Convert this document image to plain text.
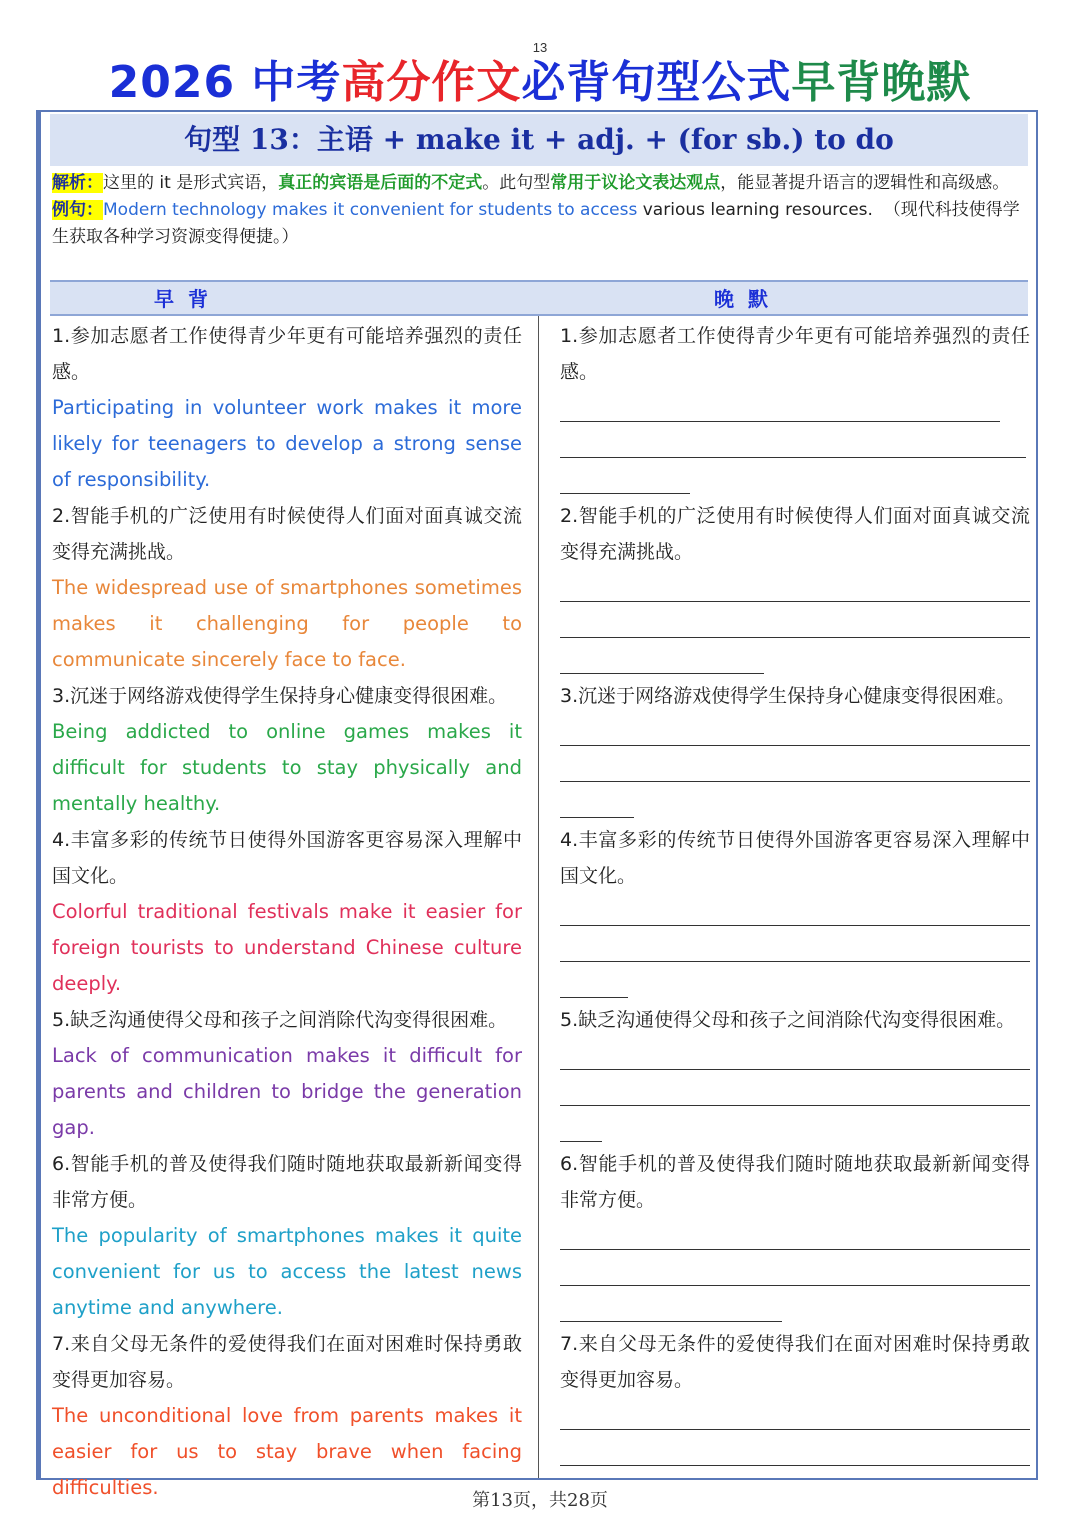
13
2026 中考高分作文必背句型公式早背晚默
句型 13：主语 + make it + adj. + (for sb.) to do
解析：这里的 it 是形式宾语，真正的宾语是后面的不定式。此句型常用于议论文表达观点，能显著提升语言的逻辑性和高级感。
例句：Modern technology makes it convenient for students to access various learning resources. （现代科技使得学生获取各种学习资源变得便捷。）
早背	晚默
1.参加志愿者工作使得青少年更有可能培养强烈的责任感。
Participating in volunteer work makes it more likely for teenagers to develop a strong sense of responsibility.
2.智能手机的广泛使用有时候使得人们面对面真诚交流变得充满挑战。
The widespread use of smartphones sometimes makes it challenging for people to communicate sincerely face to face.
3.沉迷于网络游戏使得学生保持身心健康变得很困难。
Being addicted to online games makes it difficult for students to stay physically and mentally healthy.
4.丰富多彩的传统节日使得外国游客更容易深入理解中国文化。
Colorful traditional festivals make it easier for foreign tourists to understand Chinese culture deeply.
5.缺乏沟通使得父母和孩子之间消除代沟变得很困难。
Lack of communication makes it difficult for parents and children to bridge the generation gap.
6.智能手机的普及使得我们随时随地获取最新新闻变得非常方便。
The popularity of smartphones makes it quite convenient for us to access the latest news anytime and anywhere.
7.来自父母无条件的爱使得我们在面对困难时保持勇敢变得更加容易。
The unconditional love from parents makes it easier for us to stay brave when facing difficulties.
1.参加志愿者工作使得青少年更有可能培养强烈的责任感。
2.智能手机的广泛使用有时候使得人们面对面真诚交流变得充满挑战。
3.沉迷于网络游戏使得学生保持身心健康变得很困难。
4.丰富多彩的传统节日使得外国游客更容易深入理解中国文化。
5.缺乏沟通使得父母和孩子之间消除代沟变得很困难。
6.智能手机的普及使得我们随时随地获取最新新闻变得非常方便。
7.来自父母无条件的爱使得我们在面对困难时保持勇敢变得更加容易。
第13页，共28页
